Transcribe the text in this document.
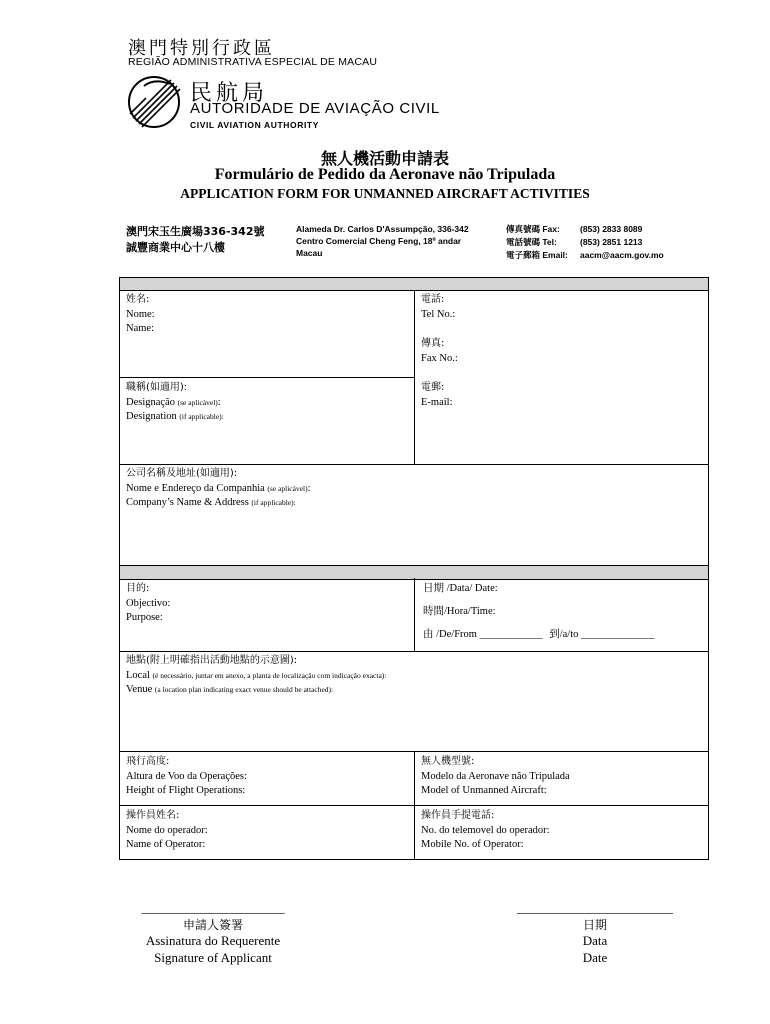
澳門特別行政區
REGIÃO ADMINISTRATIVA ESPECIAL DE MACAU
民航局
AUTORIDADE DE AVIAÇÃO CIVIL
CIVIL AVIATION AUTHORITY
無人機活動申請表
Formulário de Pedido da Aeronave não Tripulada
APPLICATION FORM FOR UNMANNED AIRCRAFT ACTIVITIES
澳門宋玉生廣場336-342號
誠豐商業中心十八樓
Alameda Dr. Carlos D'Assumpção, 336-342
Centro Comercial Cheng Feng, 18º andar
Macau
傳真號碼 Fax: (853) 2833 8089
電話號碼 Tel:	(853) 2851 1213
電子郵箱 Email: aacm@aacm.gov.mo
姓名:
Nome:
Name:
電話:
Tel No.:
傳真:
Fax No.:
職稱(如適用):
Designação (se aplicável):
Designation (if applicable):
電郵:
E-mail:
公司名稱及地址(如適用):
Nome e Endereço da Companhia (se aplicável):
Company’s Name & Address (if applicable):
目的:
Objectivo:
Purpose:
日期 /Data/ Date:
時間/Hora/Time:
由 /De/From ____________ 到/a/to ______________
地點(附上明確指出活動地點的示意圖):
Local (é necessário, juntar em anexo, a planta de localização com indicação exacta):
Venue (a location plan indicating exact venue should be attached):
飛行高度:
Altura de Voo da Operações:
Height of Flight Operations:
無人機型號:
Modelo da Aeronave não Tripulada
Model of Unmanned Aircraft:
操作員姓名:
Nome do operador:
Name of Operator:
操作員手提電話:
No. do telemovel do operador:
Mobile No. of Operator:
______________________
申請人簽署
Assinatura do Requerente
Signature of Applicant
________________________
日期
Data
Date
